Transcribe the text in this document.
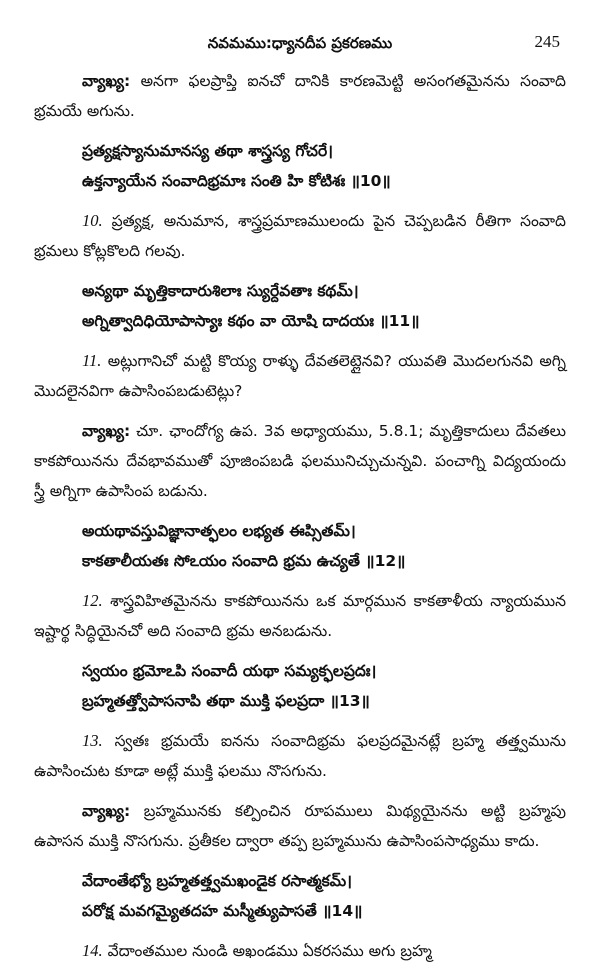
నవమము:ధ్యానదీప ప్రకరణము	245

వ్యాఖ్య: అనగా ఫలప్రాప్తి ఐనచో దానికి కారణమెట్టి అసంగతమైనను సంవాది భ్రమయే అగును.

ప్రత్యక్షస్యానుమానస్య తథా శాస్త్రస్య గోచరే।

ఉక్తన్యాయేన సంవాదిభ్రమాః సంతి హి కోటిశః ॥10॥

10. ప్రత్యక్ష, అనుమాన, శాస్త్రప్రమాణములందు పైన చెప్పబడిన రీతిగా సంవాది భ్రమలు కోట్లకొలది గలవు.

అన్యథా మృత్తికాదారుశిలాః స్యుర్దేవతాః కథమ్।

అగ్నిత్వాదిధియోపాస్యాః కథం వా యోషి దాదయః ॥11॥

11. అట్లుగానిచో మట్టి కొయ్య రాళ్ళు దేవతలెట్లైనవి? యువతి మొదలగునవి అగ్ని మొదలైనవిగా ఉపాసింపబడుటెట్లు?

వ్యాఖ్య: చూ. ఛాందోగ్య ఉప. 3వ అధ్యాయము, 5.8.1; మృత్తికాదులు దేవతలు కాకపోయినను దేవభావముతో పూజింపబడి ఫలమునిచ్చుచున్నవి. పంచాగ్ని విద్యయందు స్త్రీ అగ్నిగా ఉపాసింప బడును.

అయథావస్తువిజ్ఞానాత్ఫలం లభ్యత ఈప్సితమ్।

కాకతాలీయతః సోఽయం సంవాది భ్రమ ఉచ్యతే ॥12॥

12. శాస్త్రవిహితమైనను కాకపోయినను ఒక మార్గమున కాకతాళీయ న్యాయమున ఇష్టార్థ సిద్ధియైనచో అది సంవాది భ్రమ అనబడును.

స్వయం భ్రమోఽపి సంవాదీ యథా సమ్యక్ఫలప్రదః।

బ్రహ్మతత్త్వోపాసనాపి తథా ముక్తి ఫలప్రదా ॥13॥

13. స్వతః భ్రమయే ఐనను సంవాదిభ్రమ ఫలప్రదమైనట్లే బ్రహ్మ తత్త్వమును ఉపాసించుట కూడా అట్లే ముక్తి ఫలము నొసగును.

వ్యాఖ్య: బ్రహ్మమునకు కల్పించిన రూపములు మిథ్యయైనను అట్టి బ్రహ్మపు ఉపాసన ముక్తి నొసగును. ప్రతీకల ద్వారా తప్ప బ్రహ్మమును ఉపాసింపసాధ్యము కాదు.

వేదాంతేభ్యో బ్రహ్మతత్త్వమఖండైక రసాత్మకమ్।

పరోక్ష మవగమ్యైతదహ మస్మీత్యుపాసతే ॥14॥

14. వేదాంతముల నుండి అఖండము ఏకరసము అగు బ్రహ్మ
